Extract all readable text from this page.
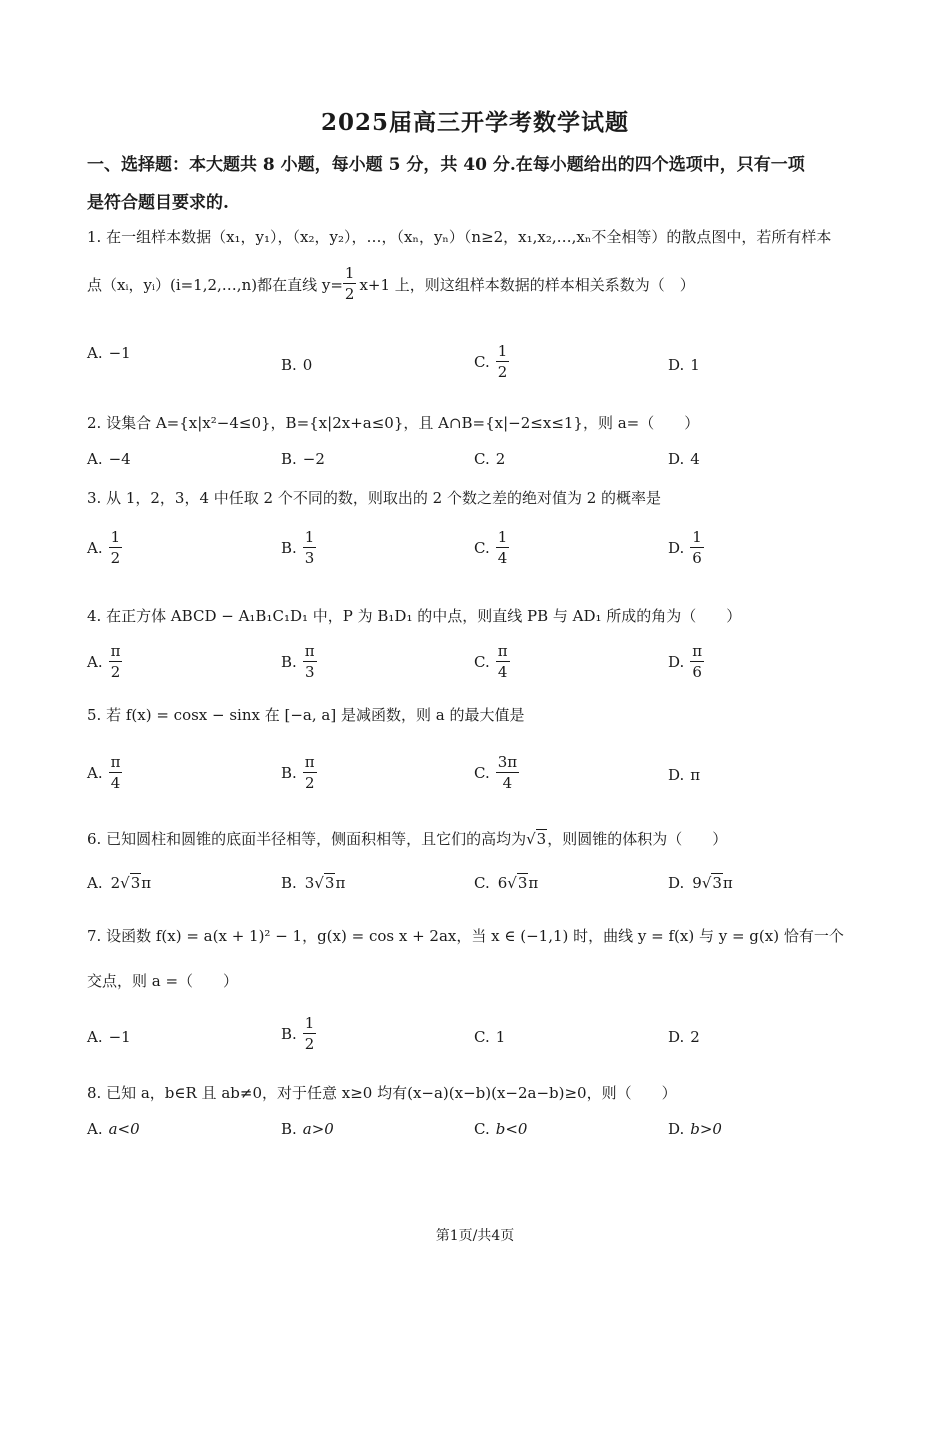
2025届高三开学考数学试题
一、选择题：本大题共 8 小题，每小题 5 分，共 40 分.在每小题给出的四个选项中，只有一项
是符合题目要求的.
1. 在一组样本数据（x₁，y₁），（x₂，y₂），…，（xₙ，yₙ）（n≥2，x₁,x₂,…,xₙ不全相等）的散点图中，若所有样本
点（xᵢ，yᵢ）(i=1,2,…,n)都在直线 $y= \frac{1}{2} x+1$ 上，则这组样本数据的样本相关系数为（　）
A. −1
B. 0	C. $\frac{1}{2}$	D. 1
2. 设集合 A={x|x²−4≤0}，B={x|2x+a≤0}，且 A∩B={x|−2≤x≤1}，则 a=（　　）
A. −4	B. −2	C. 2	D. 4
3. 从 1，2，3，4 中任取 2 个不同的数，则取出的 2 个数之差的绝对值为 2 的概率是
A. $\frac{1}{2}$	B. $\frac{1}{3}$	C. $\frac{1}{4}$	D. $\frac{1}{6}$
4. 在正方体 ABCD − A₁B₁C₁D₁ 中，P 为 B₁D₁ 的中点，则直线 PB 与 AD₁ 所成的角为（　　）
A. $\frac{\pi}{2}$	B. $\frac{\pi}{3}$	C. $\frac{\pi}{4}$	D. $\frac{\pi}{6}$
5. 若 f(x) = cosx − sinx 在 [−a, a] 是减函数，则 a 的最大值是
A. $\frac{\pi}{4}$	B. $\frac{\pi}{2}$	C. $\frac{3\pi}{4}$	D. π
6. 已知圆柱和圆锥的底面半径相等，侧面积相等，且它们的高均为 √3 ，则圆锥的体积为（　　）
A. 2√3π	B. 3√3π	C. 6√3π	D. 9√3π
7. 设函数 f(x) = a(x + 1)² − 1，g(x) = cos x + 2ax，当 x ∈ (−1,1) 时，曲线 y = f(x) 与 y = g(x) 恰有一个
交点，则 a =（　　）
A. −1	B. $\frac{1}{2}$	C. 1	D. 2
8. 已知 a，b∈R 且 ab≠0，对于任意 x≥0 均有(x−a)(x−b)(x−2a−b)≥0，则（　　）
A. a<0	B. a>0	C. b<0	D. b>0
第1页/共4页
